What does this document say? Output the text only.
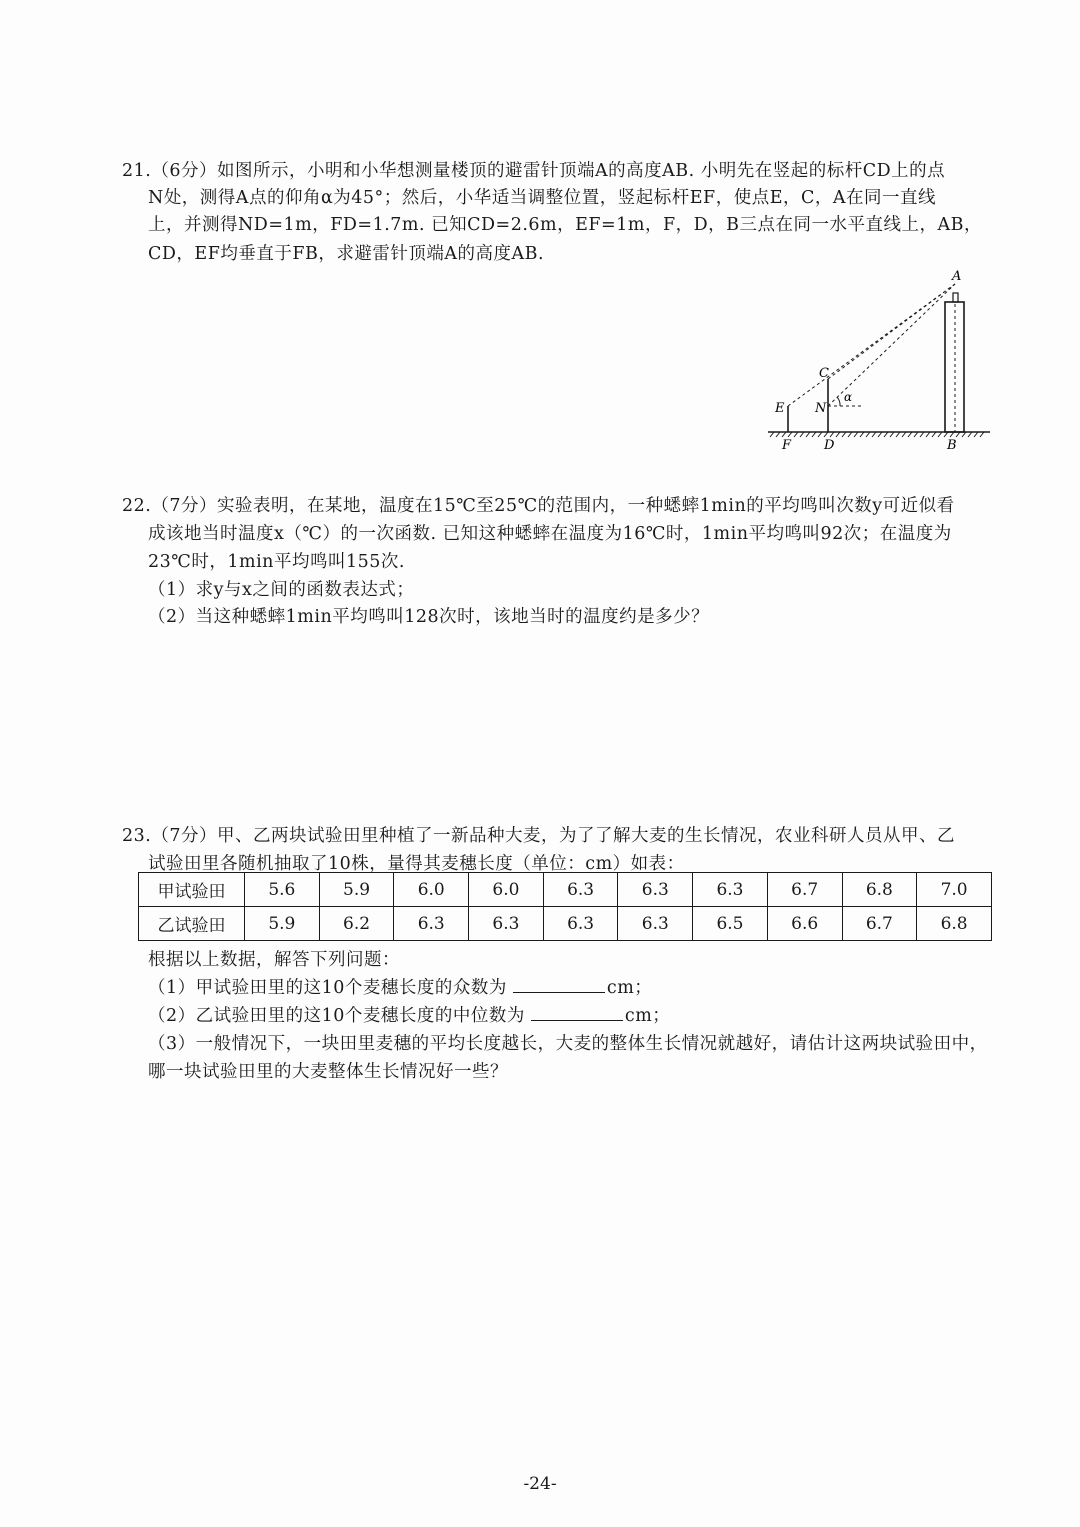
21.（6分）如图所示，小明和小华想测量楼顶的避雷针顶端A的高度AB. 小明先在竖起的标杆CD上的点
N处，测得A点的仰角α为45°；然后，小华适当调整位置，竖起标杆EF，使点E，C，A在同一直线
上，并测得ND=1m，FD=1.7m. 已知CD=2.6m，EF=1m，F，D，B三点在同一水平直线上，AB，
CD，EF均垂直于FB，求避雷针顶端A的高度AB.
A
B
C
D
E
F
N
α
22.（7分）实验表明，在某地，温度在15℃至25℃的范围内，一种蟋蟀1min的平均鸣叫次数y可近似看
成该地当时温度x（℃）的一次函数. 已知这种蟋蟀在温度为16℃时，1min平均鸣叫92次；在温度为
23℃时，1min平均鸣叫155次.
（1）求y与x之间的函数表达式；
（2）当这种蟋蟀1min平均鸣叫128次时，该地当时的温度约是多少？
23.（7分）甲、乙两块试验田里种植了一新品种大麦，为了了解大麦的生长情况，农业科研人员从甲、乙
试验田里各随机抽取了10株，量得其麦穗长度（单位：cm）如表：
甲试验田	5.6	5.9	6.0	6.0	6.3	6.3	6.3	6.7	6.8	7.0
乙试验田	5.9	6.2	6.3	6.3	6.3	6.3	6.5	6.6	6.7	6.8
根据以上数据，解答下列问题：
（1）甲试验田里的这10个麦穗长度的众数为	cm；
（2）乙试验田里的这10个麦穗长度的中位数为	cm；
（3）一般情况下，一块田里麦穗的平均长度越长，大麦的整体生长情况就越好，请估计这两块试验田中，
哪一块试验田里的大麦整体生长情况好一些？
-24-
